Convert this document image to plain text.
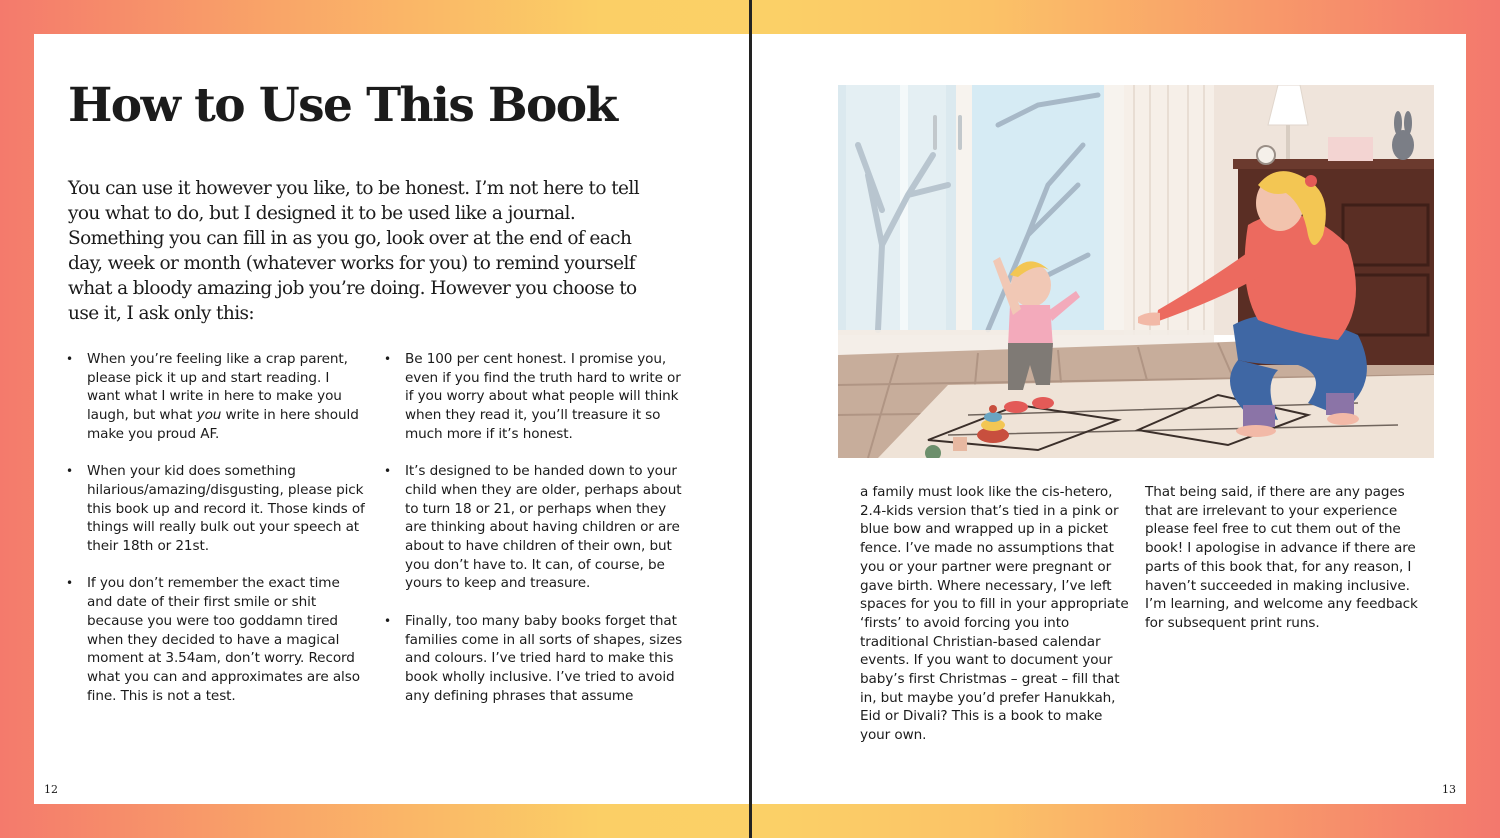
How to Use This Book

You can use it however you like, to be honest. I’m not here to tell you what to do, but I designed it to be used like a journal. Something you can fill in as you go, look over at the end of each day, week or month (whatever works for you) to remind yourself what a bloody amazing job you’re doing. However you choose to use it, I ask only this:

• When you’re feeling like a crap parent, please pick it up and start reading. I want what I write in here to make you laugh, but what you write in here should make you proud AF.
• When your kid does something hilarious/amazing/disgusting, please pick this book up and record it. Those kinds of things will really bulk out your speech at their 18th or 21st.
• If you don’t remember the exact time and date of their first smile or shit because you were too goddamn tired when they decided to have a magical moment at 3.54am, don’t worry. Record what you can and approximates are also fine. This is not a test.
• Be 100 per cent honest. I promise you, even if you find the truth hard to write or if you worry about what people will think when they read it, you’ll treasure it so much more if it’s honest.
• It’s designed to be handed down to your child when they are older, perhaps about to turn 18 or 21, or perhaps when they are thinking about having children or are about to have children of their own, but you don’t have to. It can, of course, be yours to keep and treasure.
• Finally, too many baby books forget that families come in all sorts of shapes, sizes and colours. I’ve tried hard to make this book wholly inclusive. I’ve tried to avoid any defining phrases that assume
12

a family must look like the cis-hetero, 2.4-kids version that’s tied in a pink or blue bow and wrapped up in a picket fence. I’ve made no assumptions that you or your partner were pregnant or gave birth. Where necessary, I’ve left spaces for you to fill in your appropriate ‘firsts’ to avoid forcing you into traditional Christian-based calendar events. If you want to document your baby’s first Christmas – great – fill that in, but maybe you’d prefer Hanukkah, Eid or Divali? This is a book to make your own.

That being said, if there are any pages that are irrelevant to your experience please feel free to cut them out of the book! I apologise in advance if there are parts of this book that, for any reason, I haven’t succeeded in making inclusive. I’m learning, and welcome any feedback for subsequent print runs.

13
